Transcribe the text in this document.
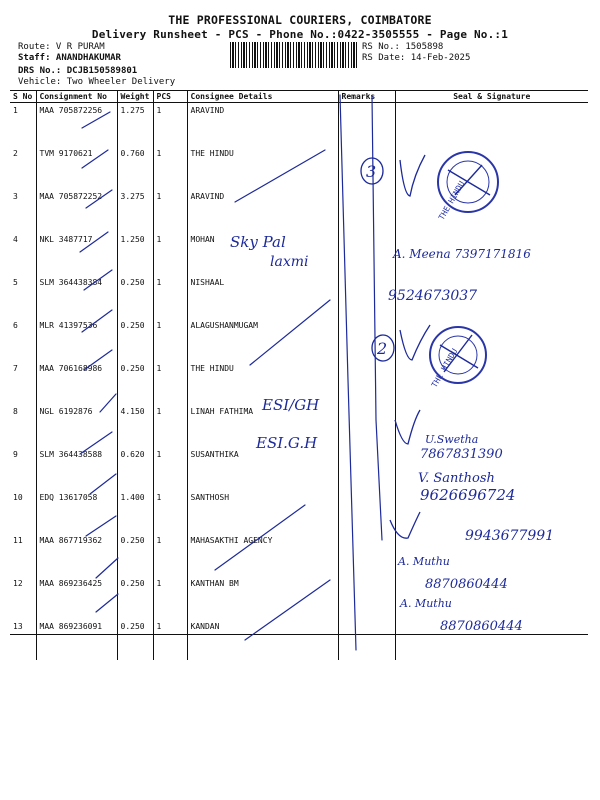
THE PROFESSIONAL COURIERS, COIMBATORE
Delivery Runsheet - PCS - Phone No.:0422-3505555 - Page No.:1
Route: V R PURAM
Staff: ANANDHAKUMAR
DRS No.: DCJB150589801
Vehicle: Two Wheeler Delivery
RS No.: 1505898
RS Date: 14-Feb-2025
S No	Consignment No	Weight	PCS	Consignee Details	Remarks	Seal & Signature
1	MAA 705872256	1.275	1	ARAVIND		
2	TVM 9170621	0.760	1	THE HINDU		
3	MAA 705872252	3.275	1	ARAVIND		
4	NKL 3487717	1.250	1	MOHAN		
5	SLM 364438384	0.250	1	NISHAAL		
6	MLR 41397536	0.250	1	ALAGUSHANMUGAM		
7	MAA 706168986	0.250	1	THE HINDU		
8	NGL 6192876	4.150	1	LINAH FATHIMA		
9	SLM 364438588	0.620	1	SUSANTHIKA		
10	EDQ 13617058	1.400	1	SANTHOSH		
11	MAA 867719362	0.250	1	MAHASAKTHI AGENCY		
12	MAA 869236425	0.250	1	KANTHAN BM		
13	MAA 869236091	0.250	1	KANDAN		
3
2
THE HINDU
THE HINDU
Sky Pal
laxmi	A. Meena 7397171816
9524673037
ESI/GH
ESI.G.H	U.Swetha
7867831390
V. Santhosh
9626696724
9943677991
A. Muthu
8870860444
A. Muthu
8870860444
